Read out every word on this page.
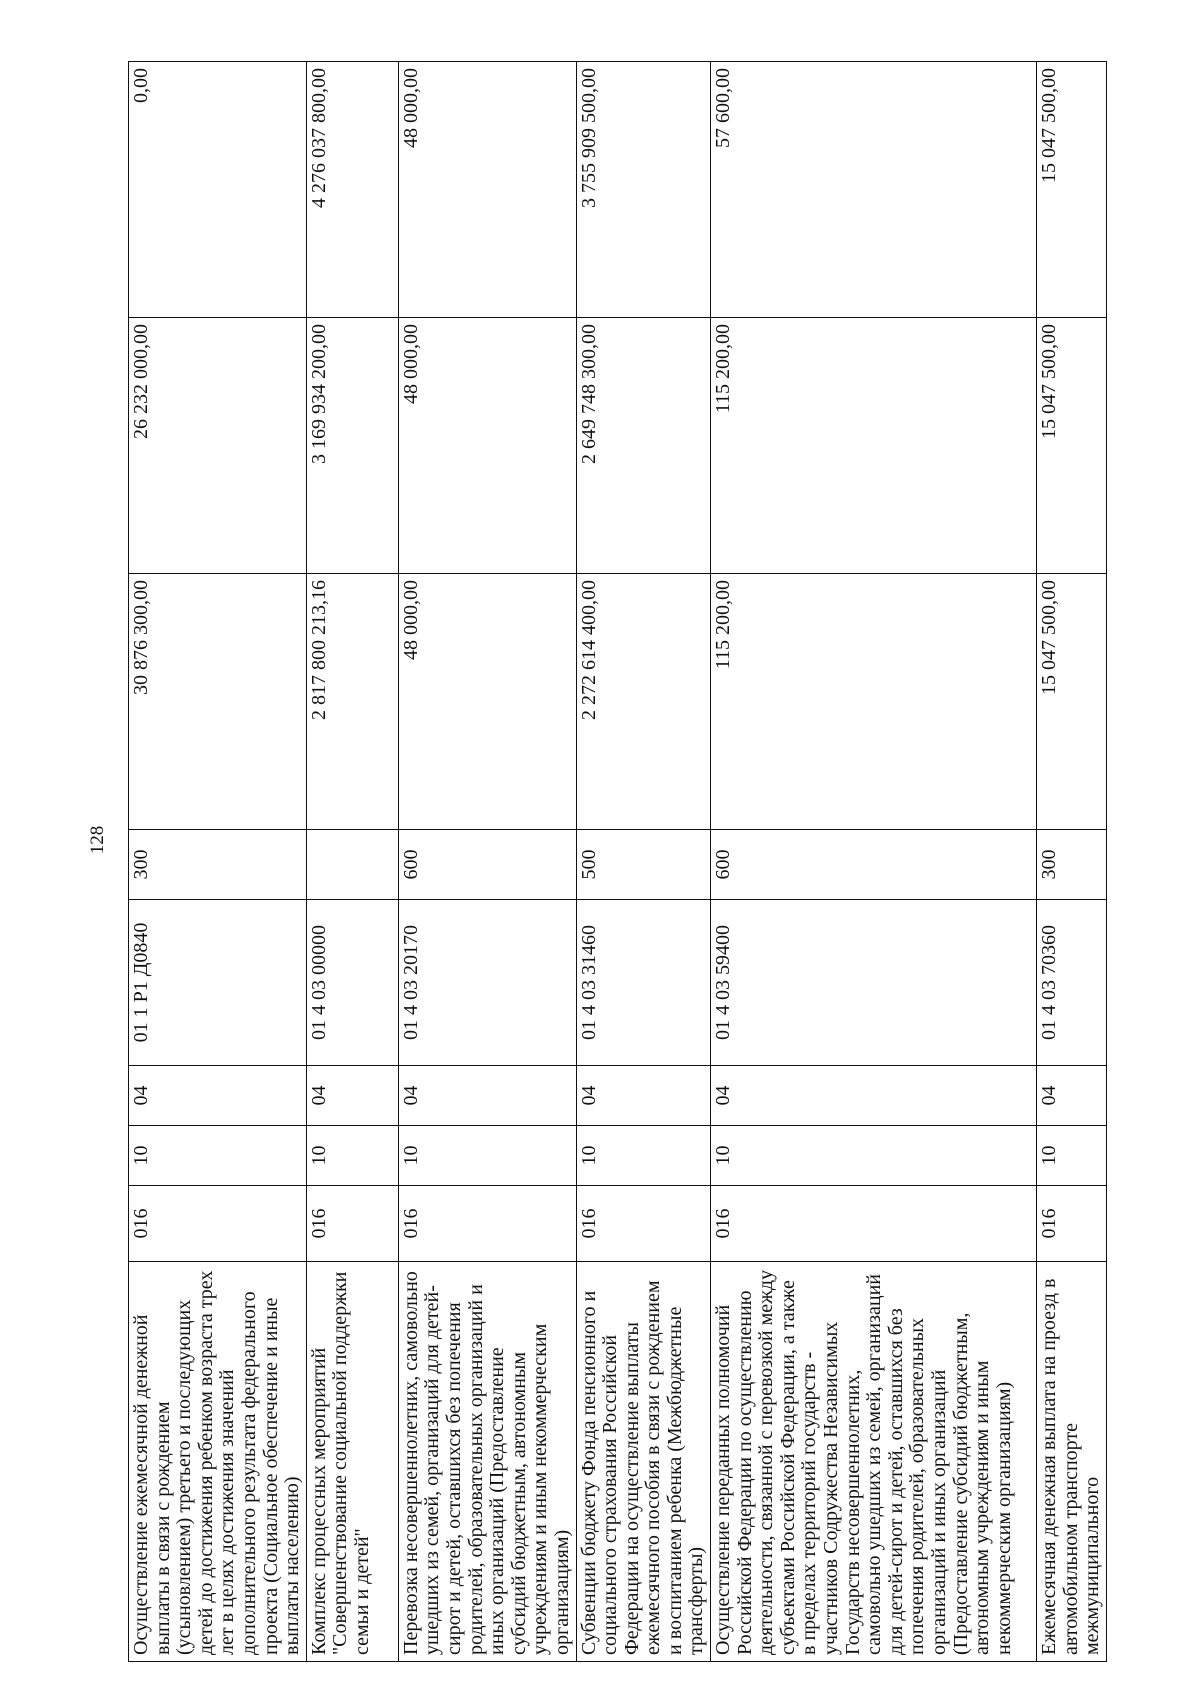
128
Осуществление ежемесячной денежной выплаты в связи с рождением (усыновлением) третьего и последующих детей до достижения ребенком возраста трех лет в целях достижения значений дополнительного результата федерального проекта (Социальное обеспечение и иные выплаты населению)	016	10	04	01 1 P1 Д0840	300	30 876 300,00	26 232 000,00	0,00
Комплекс процессных мероприятий "Совершенствование социальной поддержки семьи и детей"	016	10	04	01 4 03 00000		2 817 800 213,16	3 169 934 200,00	4 276 037 800,00
Перевозка несовершеннолетних, самовольно ушедших из семей, организаций для детей-сирот и детей, оставшихся без попечения родителей, образовательных организаций и иных организаций (Предоставление субсидий бюджетным, автономным учреждениям и иным некоммерческим организациям)	016	10	04	01 4 03 20170	600	48 000,00	48 000,00	48 000,00
Субвенции бюджету Фонда пенсионного и социального страхования Российской Федерации на осуществление выплаты ежемесячного пособия в связи с рождением и воспитанием ребенка (Межбюджетные трансферты)	016	10	04	01 4 03 31460	500	2 272 614 400,00	2 649 748 300,00	3 755 909 500,00
Осуществление переданных полномочий Российской Федерации по осуществлению деятельности, связанной с перевозкой между субъектами Российской Федерации, а также в пределах территорий государств - участников Содружества Независимых Государств несовершеннолетних, самовольно ушедших из семей, организаций для детей-сирот и детей, оставшихся без попечения родителей, образовательных организаций и иных организаций (Предоставление субсидий бюджетным, автономным учреждениям и иным некоммерческим организациям)	016	10	04	01 4 03 59400	600	115 200,00	115 200,00	57 600,00
Ежемесячная денежная выплата на проезд в автомобильном транспорте межмуниципального	016	10	04	01 4 03 70360	300	15 047 500,00	15 047 500,00	15 047 500,00
